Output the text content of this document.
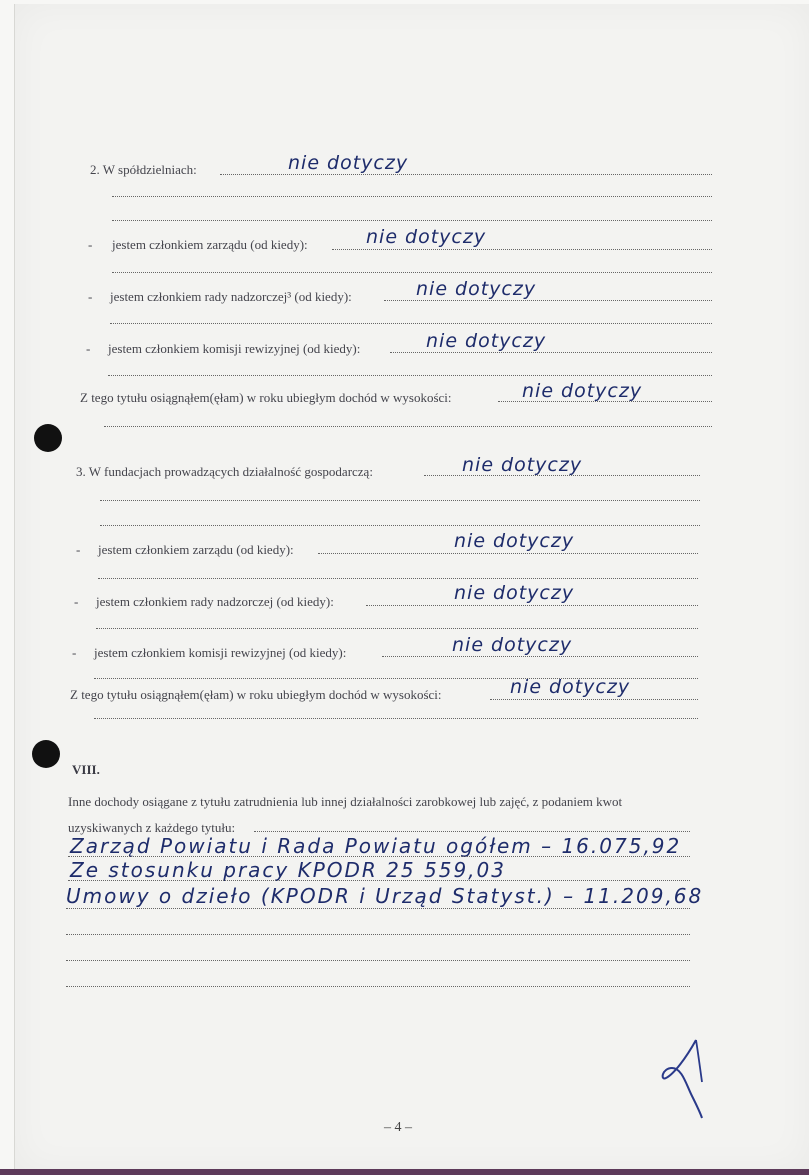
2. W spółdzielniach:	nie dotyczy
- jestem członkiem zarządu (od kiedy):	nie dotyczy
- jestem członkiem rady nadzorczej³ (od kiedy):	nie dotyczy
- jestem członkiem komisji rewizyjnej (od kiedy):	nie dotyczy
Z tego tytułu osiągnąłem(ęłam) w roku ubiegłym dochód w wysokości:	nie dotyczy
3. W fundacjach prowadzących działalność gospodarczą:	nie dotyczy
- jestem członkiem zarządu (od kiedy):	nie dotyczy
- jestem członkiem rady nadzorczej (od kiedy):	nie dotyczy
- jestem członkiem komisji rewizyjnej (od kiedy):	nie dotyczy
Z tego tytułu osiągnąłem(ęłam) w roku ubiegłym dochód w wysokości:	nie dotyczy
VIII.
Inne dochody osiągane z tytułu zatrudnienia lub innej działalności zarobkowej lub zajęć, z podaniem kwot
uzyskiwanych z każdego tytułu:
Zarząd Powiatu i Rada Powiatu ogółem – 16.075,92
Ze stosunku pracy KPODR 25 559,03
Umowy o dzieło (KPODR i Urząd Statyst.) – 11.209,68
– 4 –
